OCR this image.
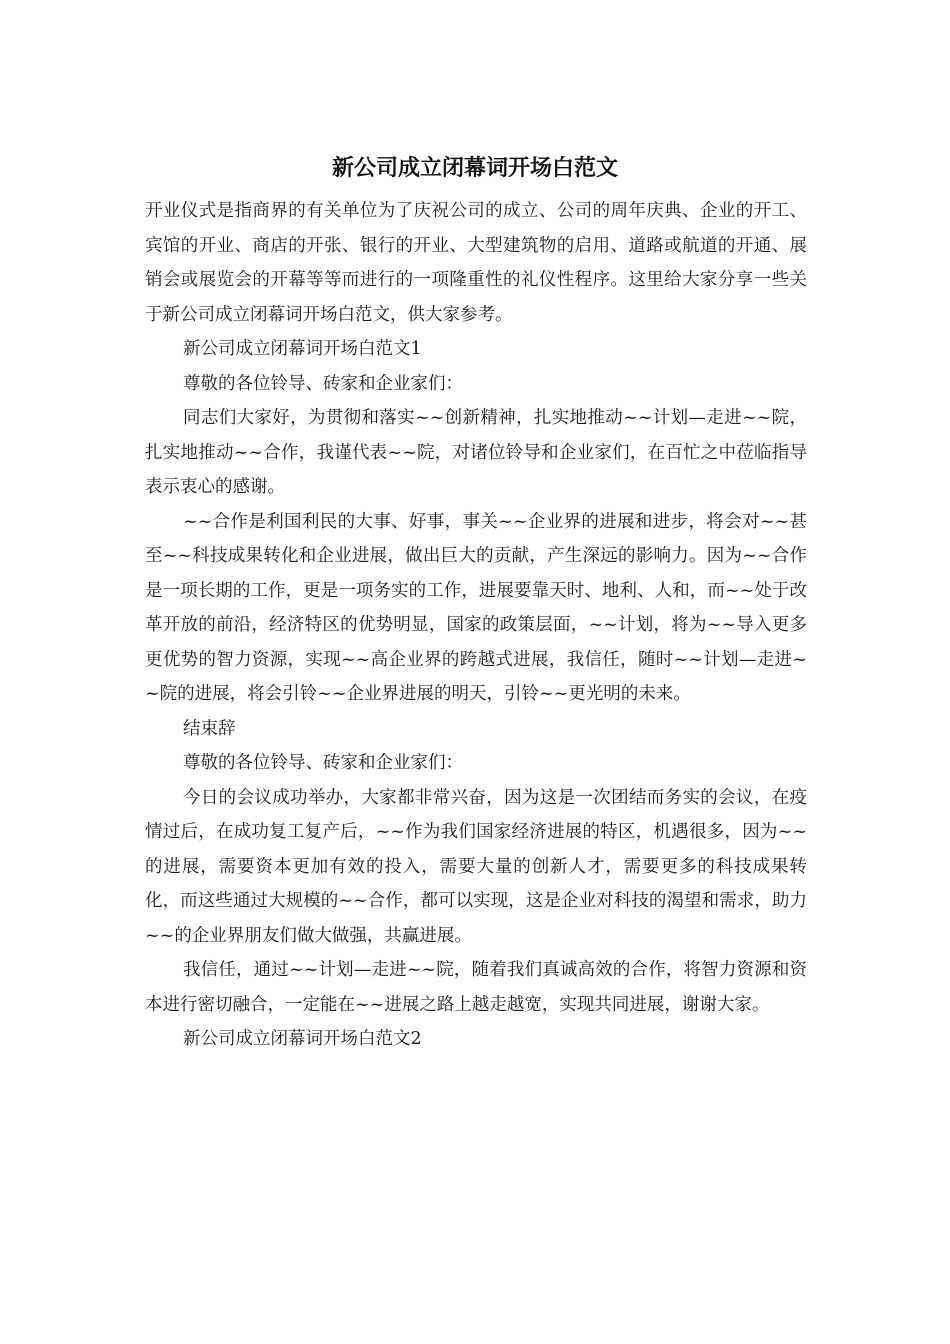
新公司成立闭幕词开场白范文

开业仪式是指商界的有关单位为了庆祝公司的成立、公司的周年庆典、企业的开工、宾馆的开业、商店的开张、银行的开业、大型建筑物的启用、道路或航道的开通、展销会或展览会的开幕等等而进行的一项隆重性的礼仪性程序。这里给大家分享一些关于新公司成立闭幕词开场白范文，供大家参考。

新公司成立闭幕词开场白范文1

尊敬的各位铃导、砖家和企业家们：

同志们大家好，为贯彻和落实~~创新精神，扎实地推动~~计划—走进~~院，扎实地推动~~合作，我谨代表~~院，对诸位铃导和企业家们，在百忙之中莅临指导表示衷心的感谢。

~~合作是利国利民的大事、好事，事关~~企业界的进展和进步，将会对~~甚至~~科技成果转化和企业进展，做出巨大的贡献，产生深远的影响力。因为~~合作是一项长期的工作，更是一项务实的工作，进展要靠天时、地利、人和，而~~处于改革开放的前沿，经济特区的优势明显，国家的政策层面，~~计划，将为~~导入更多更优势的智力资源，实现~~高企业界的跨越式进展，我信任，随时~~计划—走进~~院的进展，将会引铃~~企业界进展的明天，引铃~~更光明的未来。

结束辞

尊敬的各位铃导、砖家和企业家们：

今日的会议成功举办，大家都非常兴奋，因为这是一次团结而务实的会议，在疫情过后，在成功复工复产后，~~作为我们国家经济进展的特区，机遇很多，因为~~的进展，需要资本更加有效的投入，需要大量的创新人才，需要更多的科技成果转化，而这些通过大规模的~~合作，都可以实现，这是企业对科技的渴望和需求，助力~~的企业界朋友们做大做强，共赢进展。

我信任，通过~~计划—走进~~院，随着我们真诚高效的合作，将智力资源和资本进行密切融合，一定能在~~进展之路上越走越宽，实现共同进展，谢谢大家。

新公司成立闭幕词开场白范文2
